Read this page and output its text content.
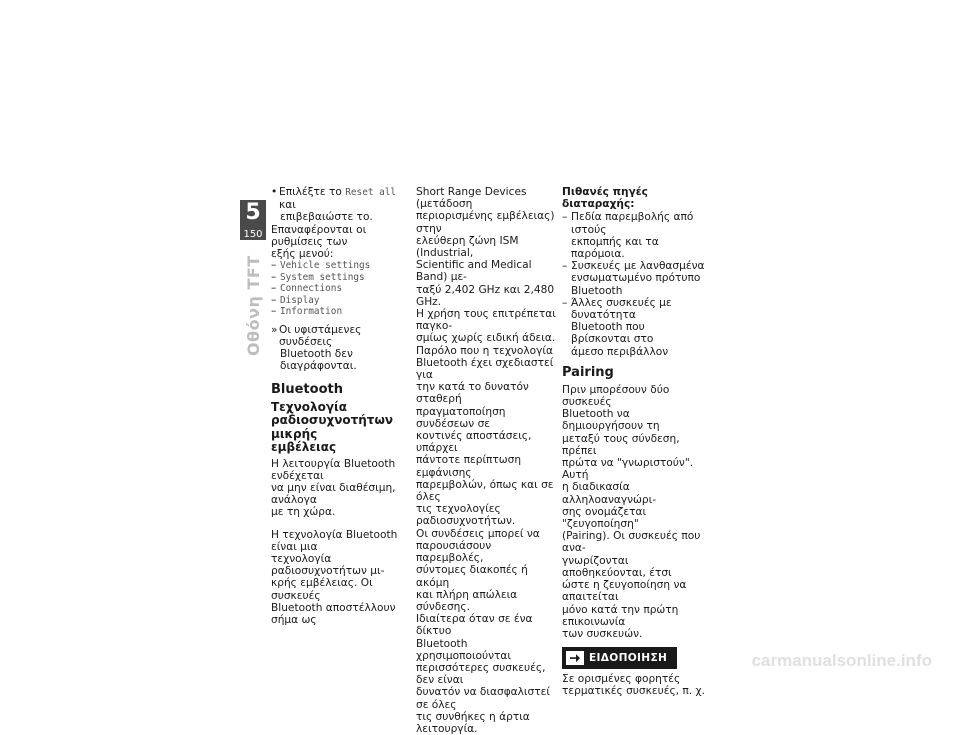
5
150
Οθόνη TFT
• Επιλέξτε το Reset all και
επιβεβαιώστε το.
Επαναφέρονται οι ρυθμίσεις των
εξής μενού:
– Vehicle settings
– System settings
– Connections
– Display
– Information
» Οι υφιστάμενες συνδέσεις
Bluetooth δεν διαγράφονται.
Bluetooth
Τεχνολογία
ραδιοσυχνοτήτων μικρής
εμβέλειας
Η λειτουργία Bluetooth ενδέχεται
να μην είναι διαθέσιμη, ανάλογα
με τη χώρα.
Η τεχνολογία Bluetooth είναι μια
τεχνολογία ραδιοσυχνοτήτων μι-
κρής εμβέλειας. Οι συσκευές
Bluetooth αποστέλλουν σήμα ως
Short Range Devices (μετάδοση
περιορισμένης εμβέλειας) στην
ελεύθερη ζώνη ISM (Industrial,
Scientific and Medical Band) με-
ταξύ 2,402 GHz και 2,480 GHz.
Η χρήση τους επιτρέπεται παγκο-
σμίως χωρίς ειδική άδεια.
Παρόλο που η τεχνολογία
Bluetooth έχει σχεδιαστεί για
την κατά το δυνατόν σταθερή
πραγματοποίηση συνδέσεων σε
κοντινές αποστάσεις, υπάρχει
πάντοτε περίπτωση εμφάνισης
παρεμβολών, όπως και σε όλες
τις τεχνολογίες ραδιοσυχνοτήτων.
Οι συνδέσεις μπορεί να
παρουσιάσουν παρεμβολές,
σύντομες διακοπές ή ακόμη
και πλήρη απώλεια σύνδεσης.
Ιδιαίτερα όταν σε ένα δίκτυο
Bluetooth χρησιμοποιούνται
περισσότερες συσκευές, δεν είναι
δυνατόν να διασφαλιστεί σε όλες
τις συνθήκες η άρτια λειτουργία.
Πιθανές πηγές διαταραχής:
– Πεδία παρεμβολής από ιστούς
εκπομπής και τα παρόμοια.
– Συσκευές με λανθασμένα
ενσωματωμένο πρότυπο
Bluetooth
– Άλλες συσκευές με δυνατότητα
Bluetooth που βρίσκονται στο
άμεσο περιβάλλον
Pairing
Πριν μπορέσουν δύο συσκευές
Bluetooth να δημιουργήσουν τη
μεταξύ τους σύνδεση, πρέπει
πρώτα να "γνωριστούν". Αυτή
η διαδικασία αλληλοαναγνώρι-
σης ονομάζεται "ζευγοποίηση"
(Pairing). Οι συσκευές που ανα-
γνωρίζονται αποθηκεύονται, έτσι
ώστε η ζευγοποίηση να απαιτείται
μόνο κατά την πρώτη επικοινωνία
των συσκευών.
ΕΙΔΟΠΟΙΗΣΗ
Σε ορισμένες φορητές
τερματικές συσκευές, π. χ.
carmanualsonline.info
